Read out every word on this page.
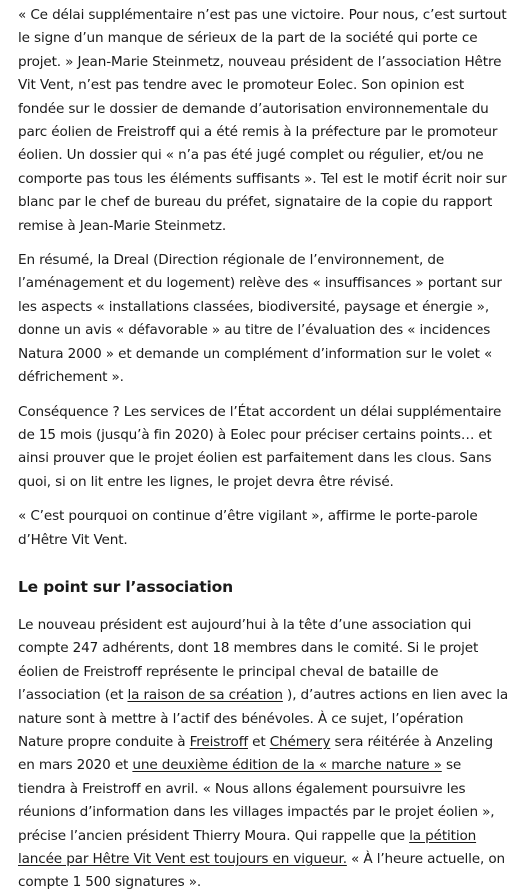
« Ce délai supplémentaire n’est pas une victoire. Pour nous, c’est surtout le signe d’un manque de sérieux de la part de la société qui porte ce projet. » Jean-Marie Steinmetz, nouveau président de l’association Hêtre Vit Vent, n’est pas tendre avec le promoteur Eolec. Son opinion est fondée sur le dossier de demande d’autorisation environnementale du parc éolien de Freistroff qui a été remis à la préfecture par le promoteur éolien. Un dossier qui « n’a pas été jugé complet ou régulier, et/ou ne comporte pas tous les éléments suffisants ». Tel est le motif écrit noir sur blanc par le chef de bureau du préfet, signataire de la copie du rapport remise à Jean-Marie Steinmetz.

En résumé, la Dreal (Direction régionale de l’environnement, de l’aménagement et du logement) relève des « insuffisances » portant sur les aspects « installations classées, biodiversité, paysage et énergie », donne un avis « défavorable » au titre de l’évaluation des « incidences Natura 2000 » et demande un complément d’information sur le volet « défrichement ».

Conséquence ? Les services de l’État accordent un délai supplémentaire de 15 mois (jusqu’à fin 2020) à Eolec pour préciser certains points… et ainsi prouver que le projet éolien est parfaitement dans les clous. Sans quoi, si on lit entre les lignes, le projet devra être révisé.

« C’est pourquoi on continue d’être vigilant », affirme le porte-parole d’Hêtre Vit Vent.

Le point sur l’association

Le nouveau président est aujourd’hui à la tête d’une association qui compte 247 adhérents, dont 18 membres dans le comité. Si le projet éolien de Freistroff représente le principal cheval de bataille de l’association (et la raison de sa création ), d’autres actions en lien avec la nature sont à mettre à l’actif des bénévoles. À ce sujet, l’opération Nature propre conduite à Freistroff et Chémery sera réitérée à Anzeling en mars 2020 et une deuxième édition de la « marche nature » se tiendra à Freistroff en avril. « Nous allons également poursuivre les réunions d’information dans les villages impactés par le projet éolien », précise l’ancien président Thierry Moura. Qui rappelle que la pétition lancée par Hêtre Vit Vent est toujours en vigueur. « À l’heure actuelle, on compte 1 500 signatures ».
